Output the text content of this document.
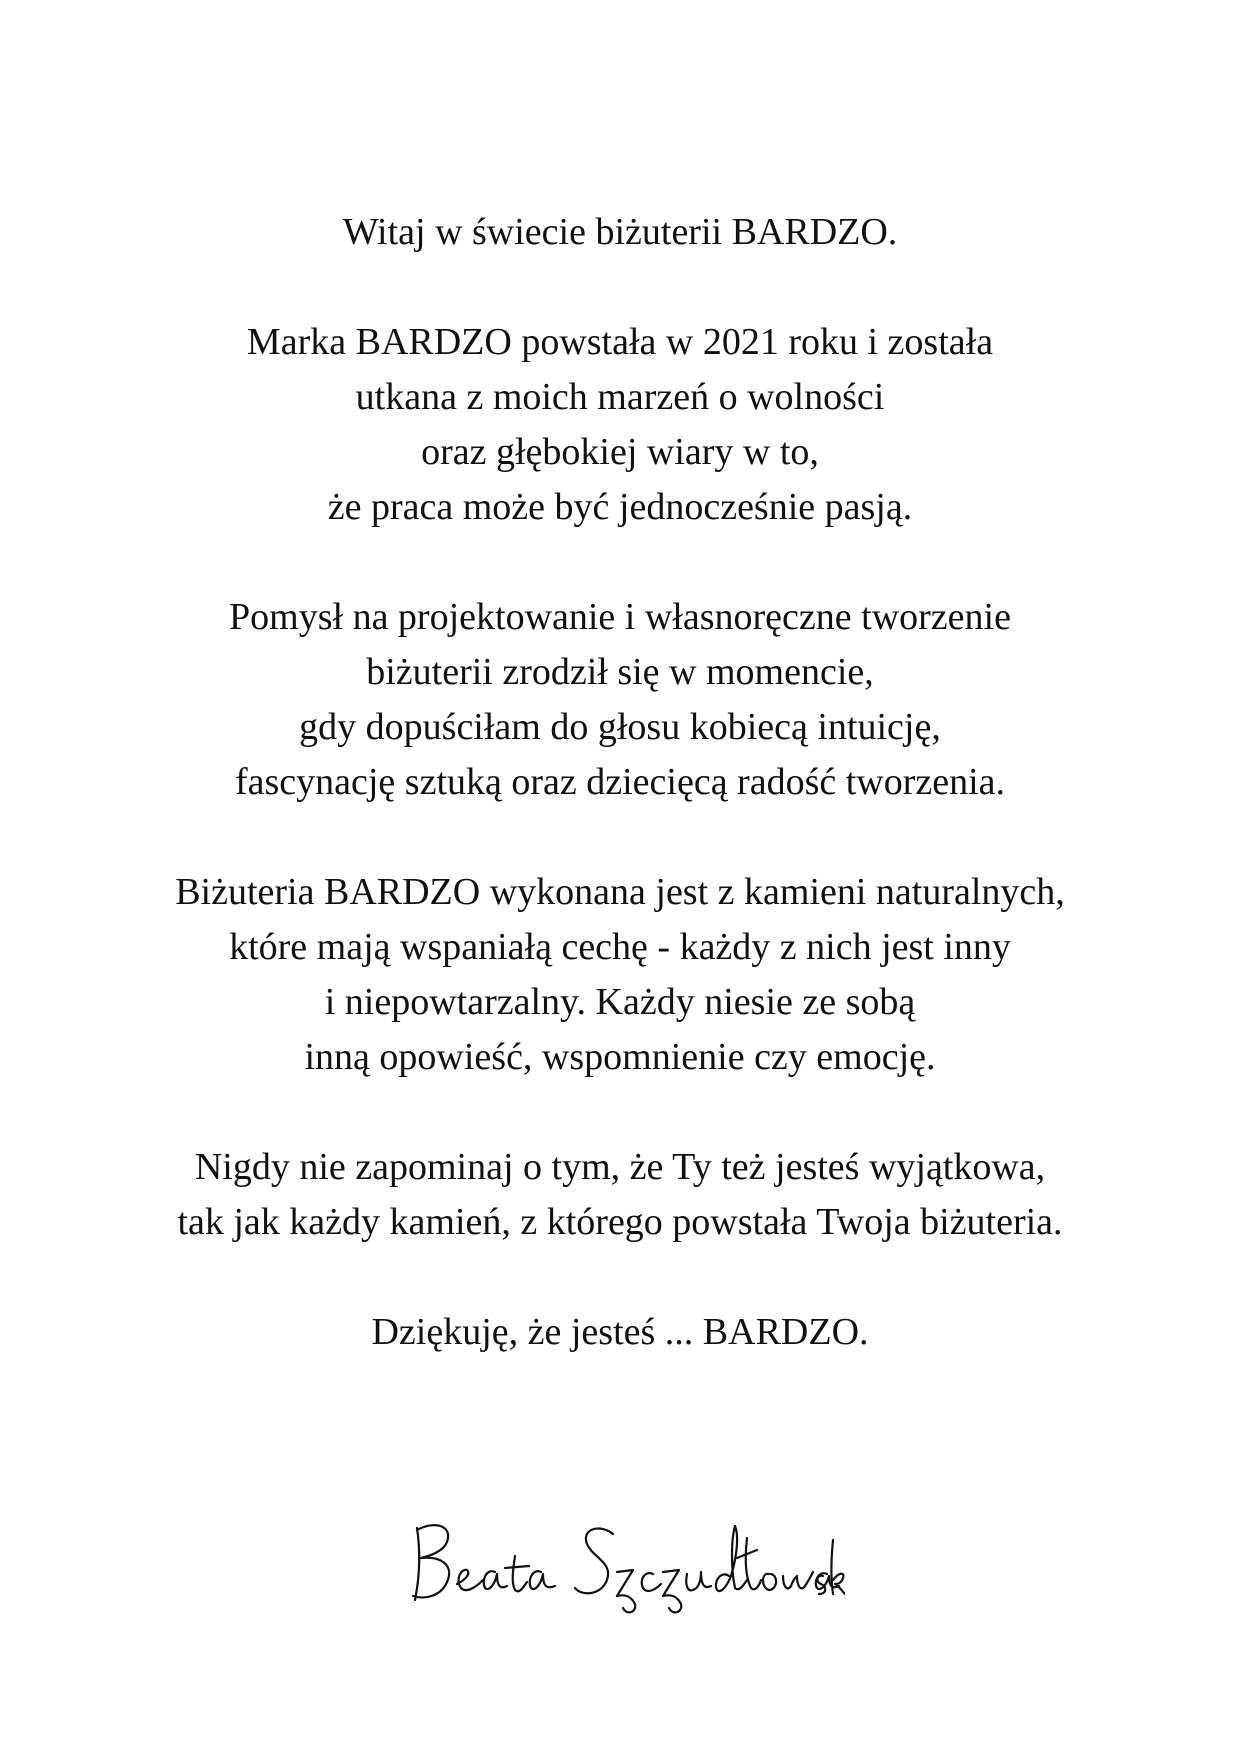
Witaj w świecie biżuterii BARDZO.

Marka BARDZO powstała w 2021 roku i została
utkana z moich marzeń o wolności
oraz głębokiej wiary w to,
że praca może być jednocześnie pasją.

Pomysł na projektowanie i własnoręczne tworzenie
biżuterii zrodził się w momencie,
gdy dopuściłam do głosu kobiecą intuicję,
fascynację sztuką oraz dziecięcą radość tworzenia.

Biżuteria BARDZO wykonana jest z kamieni naturalnych,
które mają wspaniałą cechę - każdy z nich jest inny
i niepowtarzalny. Każdy niesie ze sobą
inną opowieść, wspomnienie czy emocję.

Nigdy nie zapominaj o tym, że Ty też jesteś wyjątkowa,
tak jak każdy kamień, z którego powstała Twoja biżuteria.

Dziękuję, że jesteś ... BARDZO.
